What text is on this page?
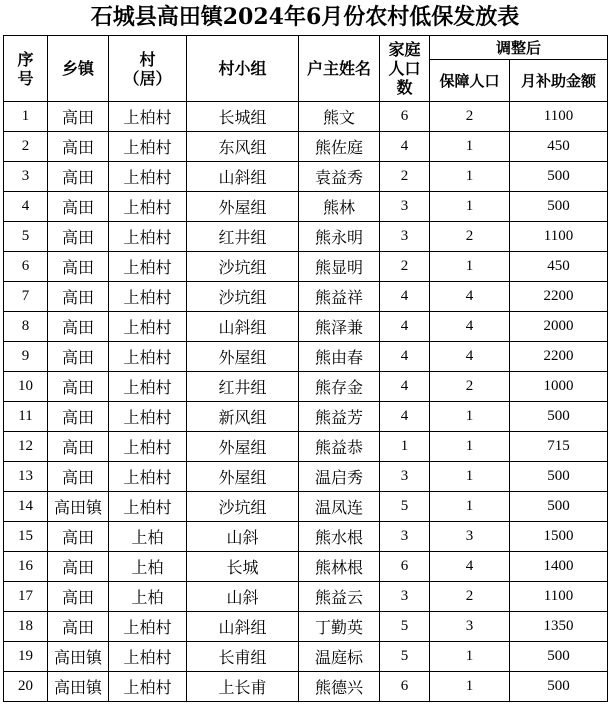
石城县高田镇2024年6月份农村低保发放表
序号	乡镇	村（居）	村小组	户主姓名	家庭人口数	调整后	
						保障人口	月补助金额
1	高田	上柏村	长城组	熊文	6	2	1100
2	高田	上柏村	东风组	熊佐庭	4	1	450
3	高田	上柏村	山斜组	袁益秀	2	1	500
4	高田	上柏村	外屋组	熊林	3	1	500
5	高田	上柏村	红井组	熊永明	3	2	1100
6	高田	上柏村	沙坑组	熊显明	2	1	450
7	高田	上柏村	沙坑组	熊益祥	4	4	2200
8	高田	上柏村	山斜组	熊泽兼	4	4	2000
9	高田	上柏村	外屋组	熊由春	4	4	2200
10	高田	上柏村	红井组	熊存金	4	2	1000
11	高田	上柏村	新风组	熊益芳	4	1	500
12	高田	上柏村	外屋组	熊益恭	1	1	715
13	高田	上柏村	外屋组	温启秀	3	1	500
14	高田镇	上柏村	沙坑组	温凤连	5	1	500
15	高田	上柏	山斜	熊水根	3	3	1500
16	高田	上柏	长城	熊林根	6	4	1400
17	高田	上柏	山斜	熊益云	3	2	1100
18	高田	上柏村	山斜组	丁勤英	5	3	1350
19	高田镇	上柏村	长甫组	温庭标	5	1	500
20	高田镇	上柏村	上长甫	熊德兴	6	1	500
